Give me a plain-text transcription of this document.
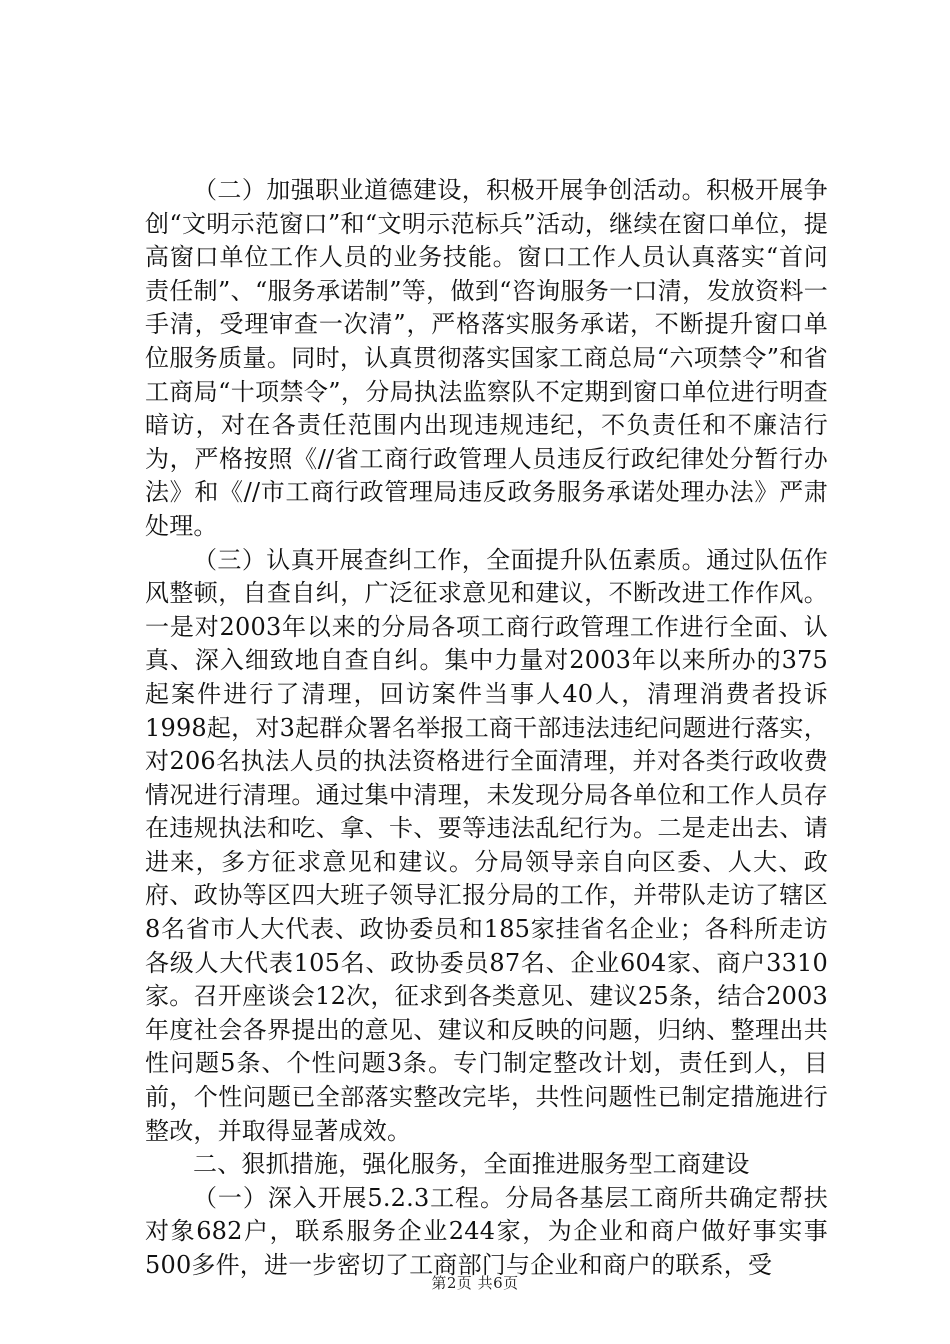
（二）加强职业道德建设，积极开展争创活动。积极开展争创“文明示范窗口”和“文明示范标兵”活动，继续在窗口单位，提高窗口单位工作人员的业务技能。窗口工作人员认真落实“首问责任制”、“服务承诺制”等，做到“咨询服务一口清，发放资料一手清，受理审查一次清”，严格落实服务承诺，不断提升窗口单位服务质量。同时，认真贯彻落实国家工商总局“六项禁令”和省工商局“十项禁令”，分局执法监察队不定期到窗口单位进行明查暗访，对在各责任范围内出现违规违纪，不负责任和不廉洁行为，严格按照《//省工商行政管理人员违反行政纪律处分暂行办法》和《//市工商行政管理局违反政务服务承诺处理办法》严肃处理。

（三）认真开展查纠工作，全面提升队伍素质。通过队伍作风整顿，自查自纠，广泛征求意见和建议，不断改进工作作风。一是对2003年以来的分局各项工商行政管理工作进行全面、认真、深入细致地自查自纠。集中力量对2003年以来所办的375起案件进行了清理，回访案件当事人40人，清理消费者投诉1998起，对3起群众署名举报工商干部违法违纪问题进行落实，对206名执法人员的执法资格进行全面清理，并对各类行政收费情况进行清理。通过集中清理，未发现分局各单位和工作人员存在违规执法和吃、拿、卡、要等违法乱纪行为。二是走出去、请进来，多方征求意见和建议。分局领导亲自向区委、人大、政府、政协等区四大班子领导汇报分局的工作，并带队走访了辖区8名省市人大代表、政协委员和185家挂省名企业；各科所走访各级人大代表105名、政协委员87名、企业604家、商户3310家。召开座谈会12次，征求到各类意见、建议25条，结合2003年度社会各界提出的意见、建议和反映的问题，归纳、整理出共性问题5条、个性问题3条。专门制定整改计划，责任到人，目前，个性问题已全部落实整改完毕，共性问题性已制定措施进行整改，并取得显著成效。

二、狠抓措施，强化服务，全面推进服务型工商建设

（一）深入开展5.2.3工程。分局各基层工商所共确定帮扶对象682户，联系服务企业244家，为企业和商户做好事实事500多件，进一步密切了工商部门与企业和商户的联系，受

第2页 共6页
